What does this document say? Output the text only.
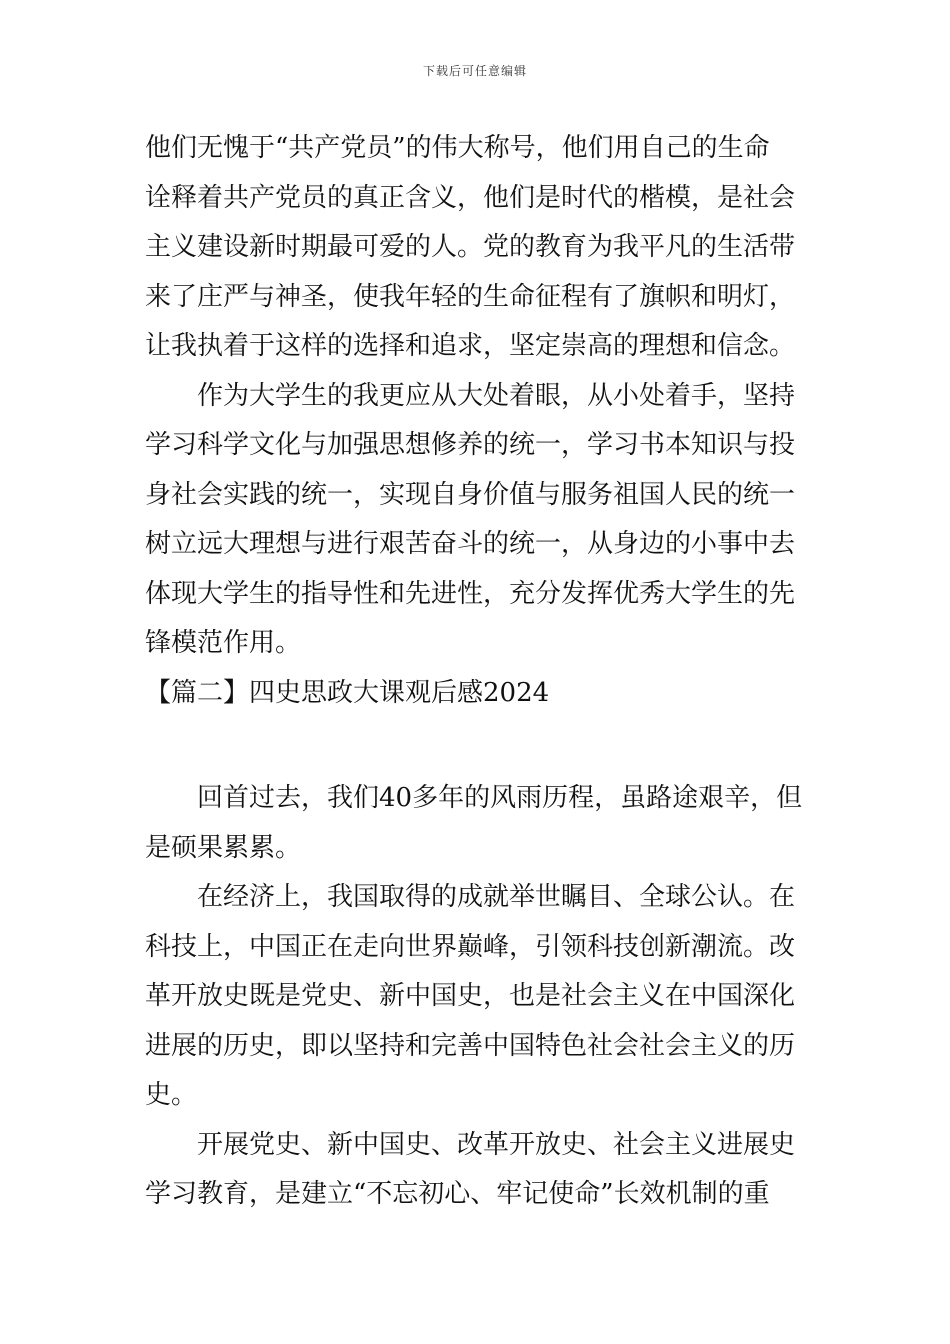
下载后可任意编辑
他们无愧于“共产党员”的伟大称号，他们用自己的生命
诠释着共产党员的真正含义，他们是时代的楷模，是社会
主义建设新时期最可爱的人。党的教育为我平凡的生活带
来了庄严与神圣，使我年轻的生命征程有了旗帜和明灯，
让我执着于这样的选择和追求，坚定崇高的理想和信念。
作为大学生的我更应从大处着眼，从小处着手，坚持
学习科学文化与加强思想修养的统一，学习书本知识与投
身社会实践的统一，实现自身价值与服务祖国人民的统一
树立远大理想与进行艰苦奋斗的统一，从身边的小事中去
体现大学生的指导性和先进性，充分发挥优秀大学生的先
锋模范作用。
【篇二】四史思政大课观后感2024
回首过去，我们40多年的风雨历程，虽路途艰辛，但
是硕果累累。
在经济上，我国取得的成就举世瞩目、全球公认。在
科技上，中国正在走向世界巅峰，引领科技创新潮流。改
革开放史既是党史、新中国史，也是社会主义在中国深化
进展的历史，即以坚持和完善中国特色社会社会主义的历
史。
开展党史、新中国史、改革开放史、社会主义进展史
学习教育，是建立“不忘初心、牢记使命”长效机制的重
